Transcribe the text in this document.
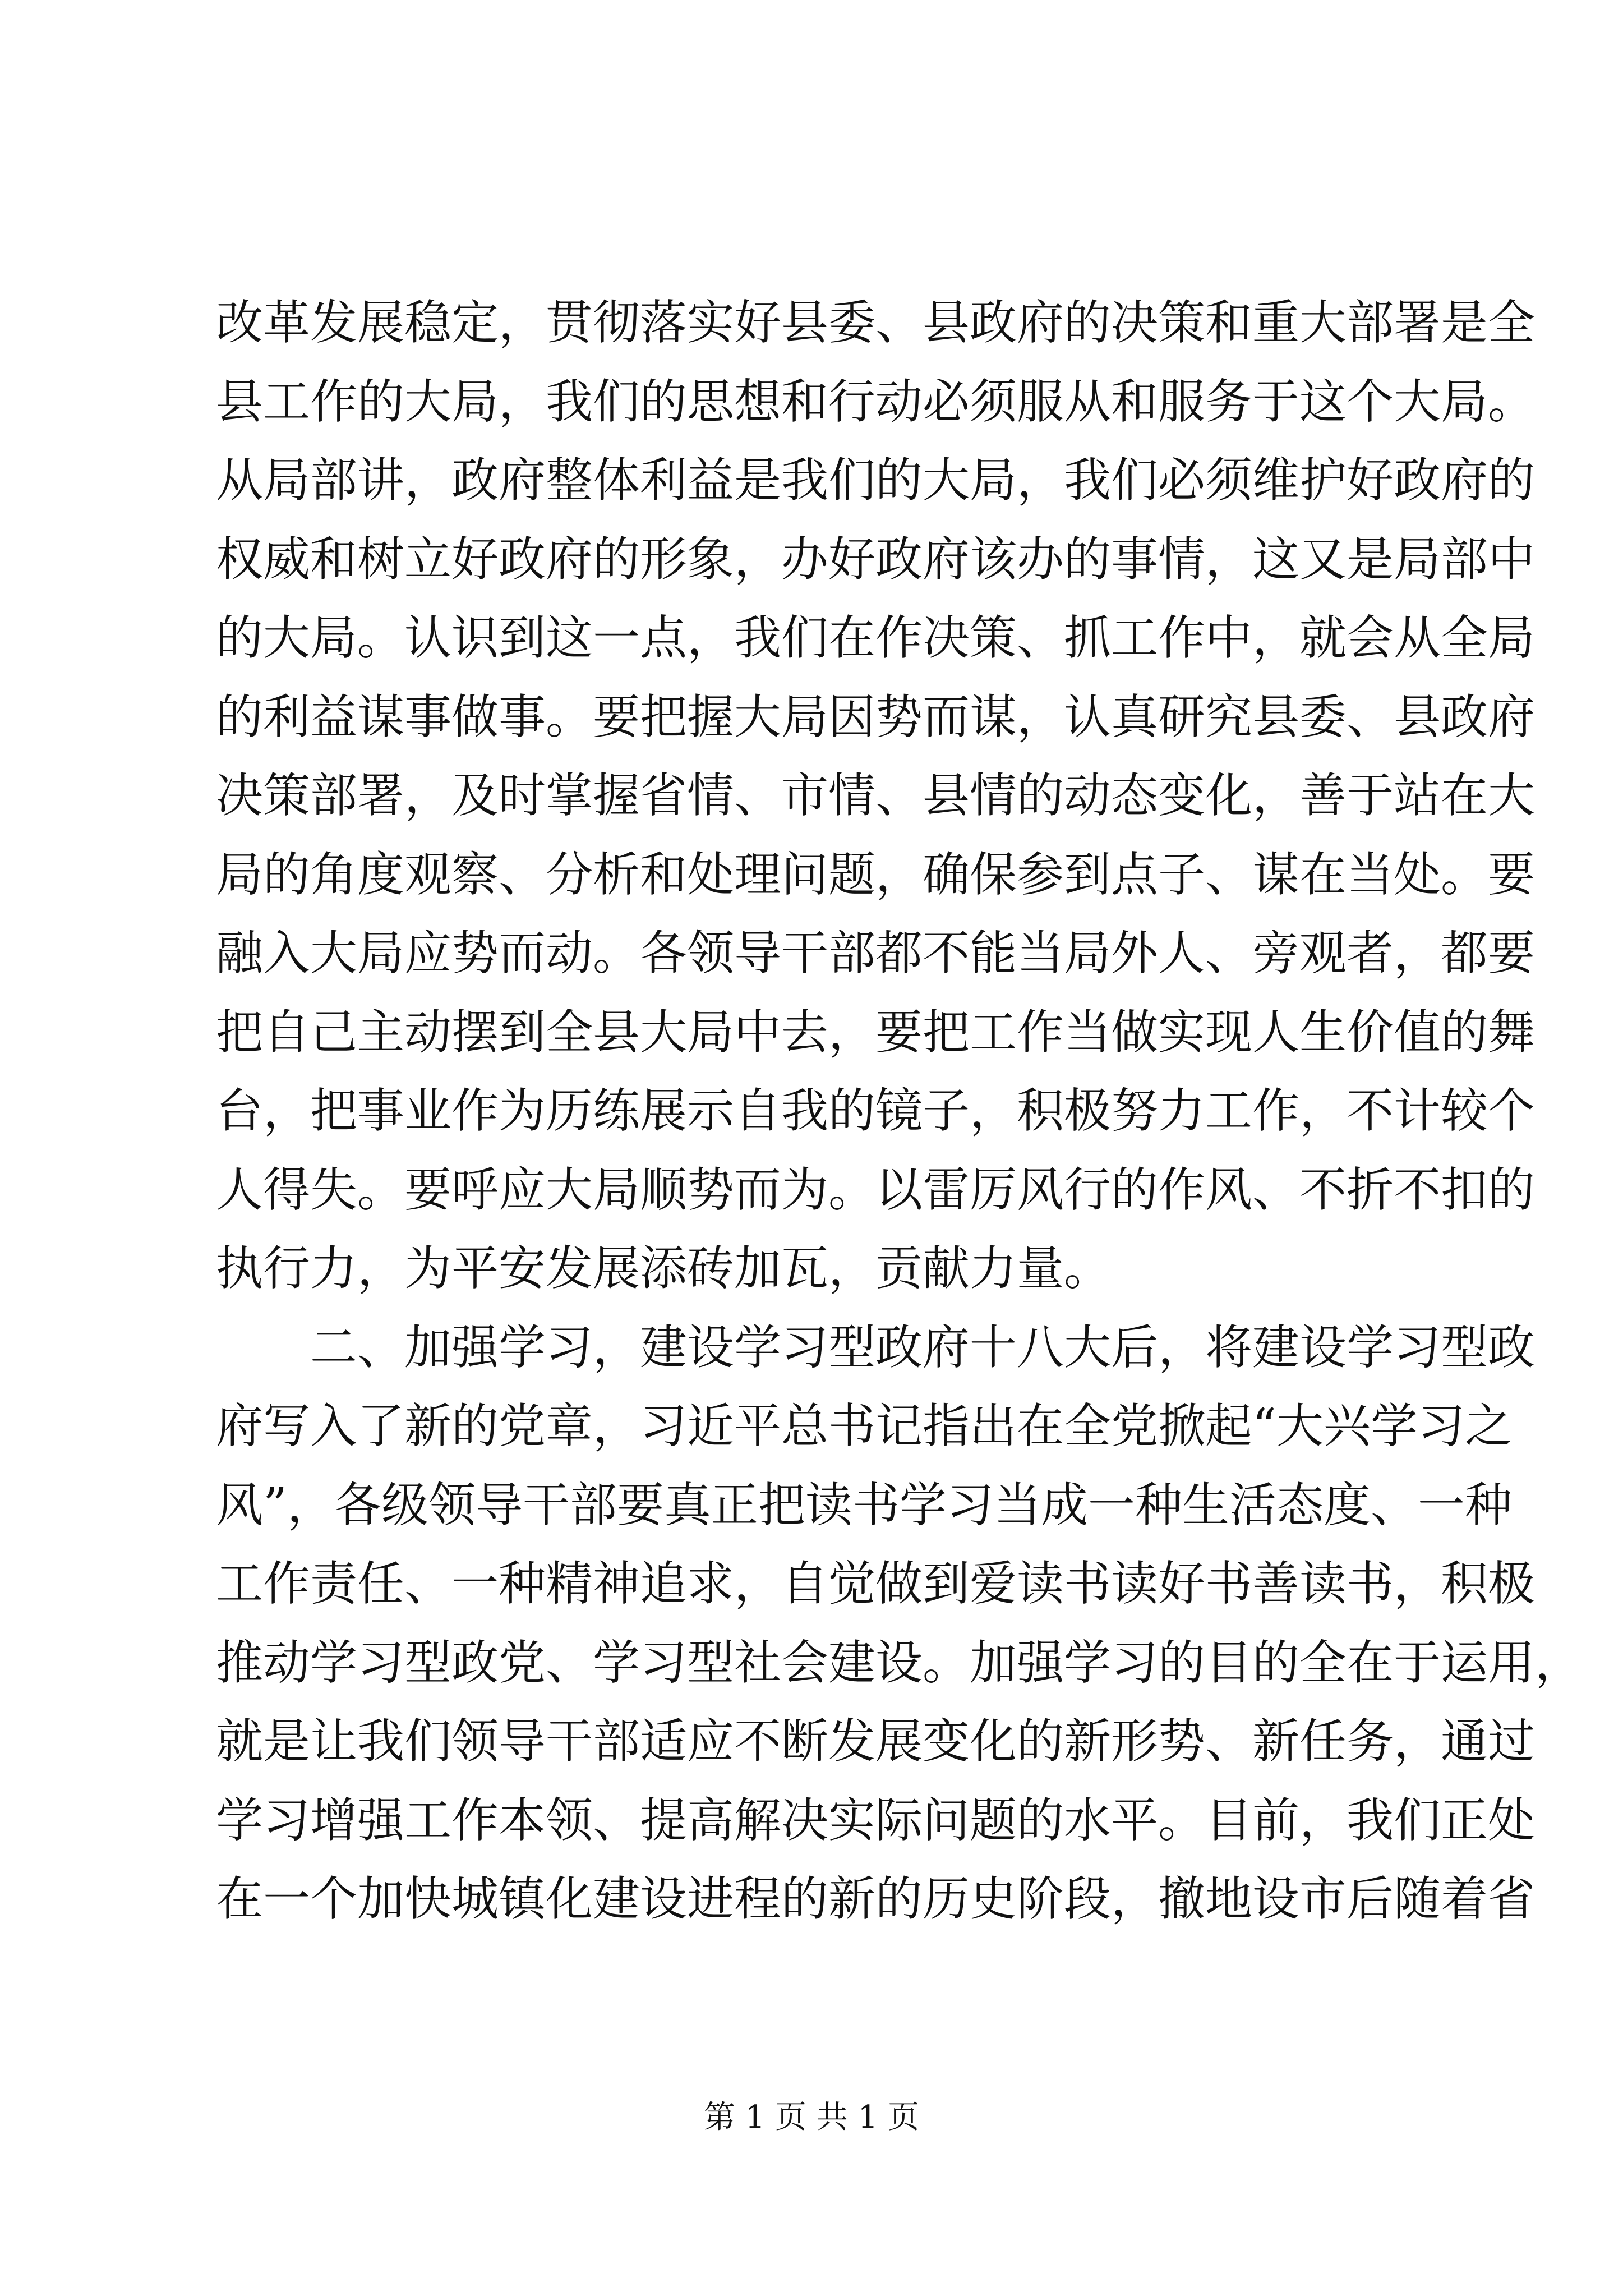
改革发展稳定，贯彻落实好县委、县政府的决策和重大部署是全
县工作的大局，我们的思想和行动必须服从和服务于这个大局。
从局部讲，政府整体利益是我们的大局，我们必须维护好政府的
权威和树立好政府的形象，办好政府该办的事情，这又是局部中
的大局。认识到这一点，我们在作决策、抓工作中，就会从全局
的利益谋事做事。要把握大局因势而谋，认真研究县委、县政府
决策部署，及时掌握省情、市情、县情的动态变化，善于站在大
局的角度观察、分析和处理问题，确保参到点子、谋在当处。要
融入大局应势而动。各领导干部都不能当局外人、旁观者，都要
把自己主动摆到全县大局中去，要把工作当做实现人生价值的舞
台，把事业作为历练展示自我的镜子，积极努力工作，不计较个
人得失。要呼应大局顺势而为。以雷厉风行的作风、不折不扣的
执行力，为平安发展添砖加瓦，贡献力量。
二、加强学习，建设学习型政府十八大后，将建设学习型政
府写入了新的党章，习近平总书记指出在全党掀起“大兴学习之
风”，各级领导干部要真正把读书学习当成一种生活态度、一种
工作责任、一种精神追求，自觉做到爱读书读好书善读书，积极
推动学习型政党、学习型社会建设。加强学习的目的全在于运用，
就是让我们领导干部适应不断发展变化的新形势、新任务，通过
学习增强工作本领、提高解决实际问题的水平。目前，我们正处
在一个加快城镇化建设进程的新的历史阶段，撤地设市后随着省
第 1 页 共 1 页
